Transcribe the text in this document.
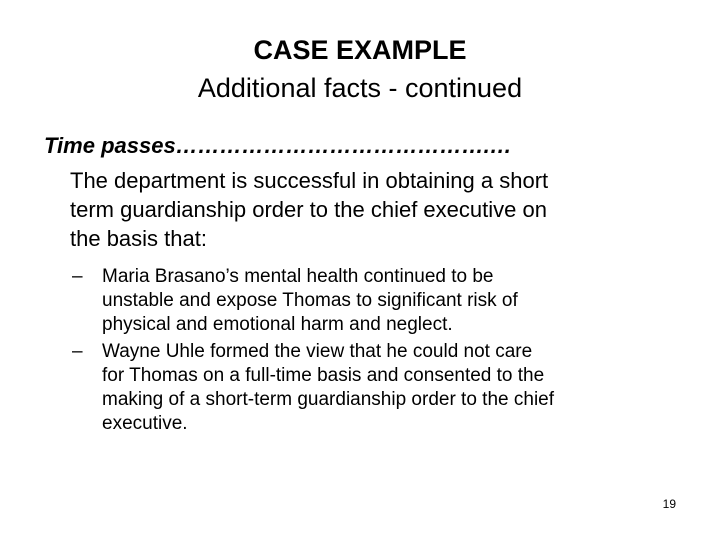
CASE EXAMPLE
Additional facts - continued
Time passes…………………………………….…
The department is successful in obtaining a short
term guardianship order to the chief executive on
the basis that:
– Maria Brasano’s mental health continued to be
unstable and expose Thomas to significant risk of
physical and emotional harm and neglect.
– Wayne Uhle formed the view that he could not care
for Thomas on a full-time basis and consented to the
making of a short-term guardianship order to the chief
executive.
19
